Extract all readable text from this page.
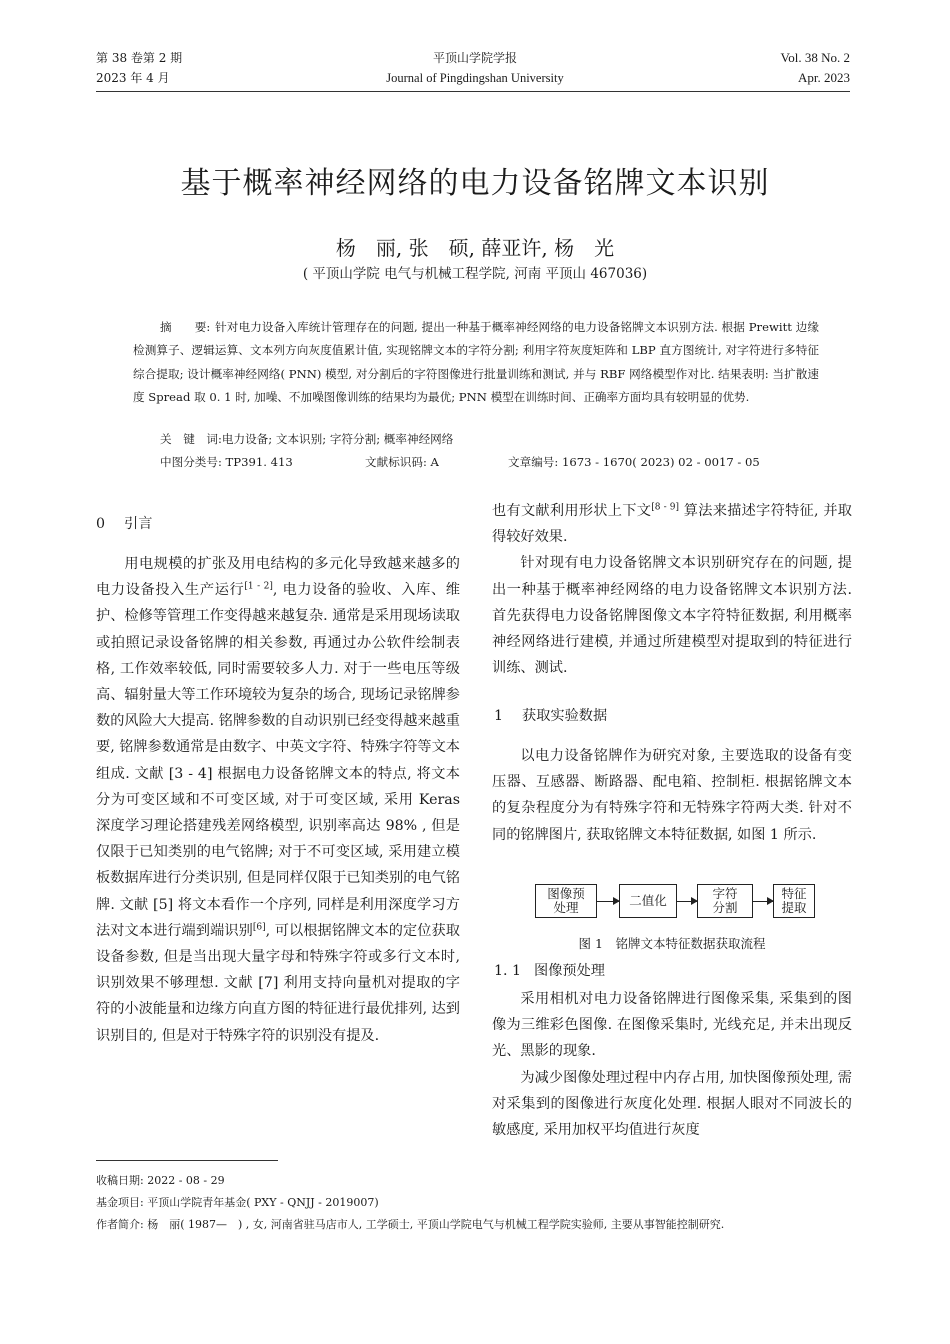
第 38 卷第 2 期
2023 年 4 月
平顶山学院学报
Journal of Pingdingshan University
Vol. 38 No. 2
Apr. 2023
基于概率神经网络的电力设备铭牌文本识别
杨　丽, 张　硕, 薛亚许, 杨　光
( 平顶山学院 电气与机械工程学院, 河南 平顶山 467036)
摘　　要: 针对电力设备入库统计管理存在的问题, 提出一种基于概率神经网络的电力设备铭牌文本识别方法. 根据 Prewitt 边缘检测算子、逻辑运算、文本列方向灰度值累计值, 实现铭牌文本的字符分割; 利用字符灰度矩阵和 LBP 直方图统计, 对字符进行多特征综合提取; 设计概率神经网络( PNN) 模型, 对分割后的字符图像进行批量训练和测试, 并与 RBF 网络模型作对比. 结果表明: 当扩散速度 Spread 取 0. 1 时, 加噪、不加噪图像训练的结果均为最优; PNN 模型在训练时间、正确率方面均具有较明显的优势.
关　键　词:电力设备; 文本识别; 字符分割; 概率神经网络
中图分类号: TP391. 413	文献标识码: A	文章编号: 1673 - 1670( 2023) 02 - 0017 - 05
0 引言

用电规模的扩张及用电结构的多元化导致越来越多的电力设备投入生产运行[1 - 2], 电力设备的验收、入库、维护、检修等管理工作变得越来越复杂. 通常是采用现场读取或拍照记录设备铭牌的相关参数, 再通过办公软件绘制表格, 工作效率较低, 同时需要较多人力. 对于一些电压等级高、辐射量大等工作环境较为复杂的场合, 现场记录铭牌参数的风险大大提高. 铭牌参数的自动识别已经变得越来越重要, 铭牌参数通常是由数字、中英文字符、特殊字符等文本组成. 文献 [3 - 4] 根据电力设备铭牌文本的特点, 将文本分为可变区域和不可变区域, 对于可变区域, 采用 Keras 深度学习理论搭建残差网络模型, 识别率高达 98% , 但是仅限于已知类别的电气铭牌; 对于不可变区域, 采用建立模板数据库进行分类识别, 但是同样仅限于已知类别的电气铭牌. 文献 [5] 将文本看作一个序列, 同样是利用深度学习方法对文本进行端到端识别[6], 可以根据铭牌文本的定位获取设备参数, 但是当出现大量字母和特殊字符或多行文本时, 识别效果不够理想. 文献 [7] 利用支持向量机对提取的字符的小波能量和边缘方向直方图的特征进行最优排列, 达到识别目的, 但是对于特殊字符的识别没有提及.

也有文献利用形状上下文[8 - 9] 算法来描述字符特征, 并取得较好效果.

针对现有电力设备铭牌文本识别研究存在的问题, 提出一种基于概率神经网络的电力设备铭牌文本识别方法. 首先获得电力设备铭牌图像文本字符特征数据, 利用概率神经网络进行建模, 并通过所建模型对提取到的特征进行训练、测试.

1 获取实验数据

以电力设备铭牌作为研究对象, 主要选取的设备有变压器、互感器、断路器、配电箱、控制柜. 根据铭牌文本的复杂程度分为有特殊字符和无特殊字符两大类. 针对不同的铭牌图片, 获取铭牌文本特征数据, 如图 1 所示.

图像预
处理	二值化	字符
分割
特征
提取
图 1　铭牌文本特征数据获取流程
1. 1 图像预处理

采用相机对电力设备铭牌进行图像采集, 采集到的图像为三维彩色图像. 在图像采集时, 光线充足, 并未出现反光、黑影的现象.

为减少图像处理过程中内存占用, 加快图像预处理, 需对采集到的图像进行灰度化处理. 根据人眼对不同波长的敏感度, 采用加权平均值进行灰度

收稿日期: 2022 - 08 - 29
基金项目: 平顶山学院青年基金( PXY - QNJJ - 2019007)
作者简介: 杨　丽( 1987—　) , 女, 河南省驻马店市人, 工学硕士, 平顶山学院电气与机械工程学院实验师, 主要从事智能控制研究.
